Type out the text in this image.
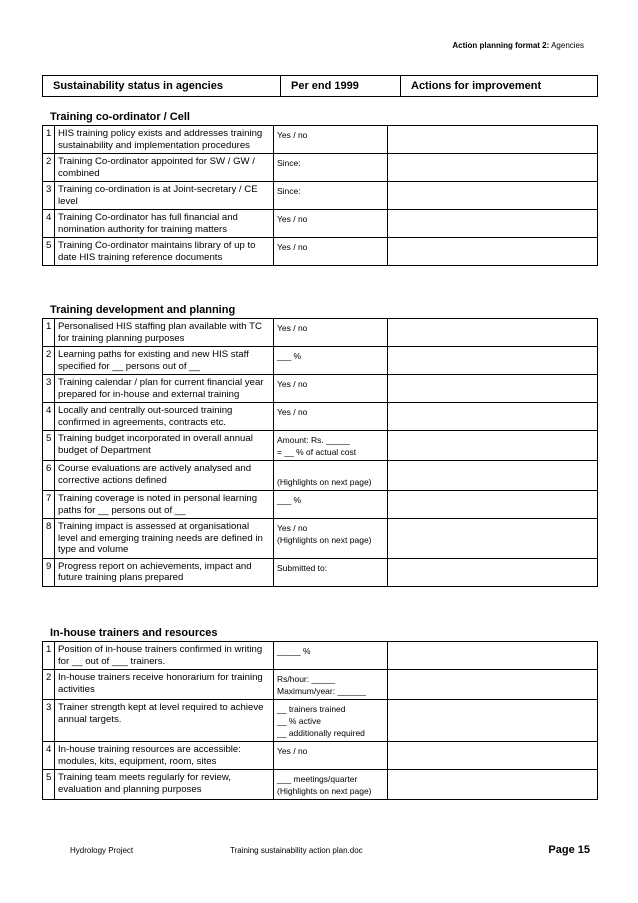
Action planning format 2: Agencies
Sustainability status in agencies	Per end 1999	Actions for improvement
Training co-ordinator / Cell
1	HIS training policy exists and addresses training sustainability and implementation procedures	Yes / no	

2	Training Co-ordinator appointed for SW / GW / combined	Since:	

3	Training co-ordination is at Joint-secretary / CE level	Since:	

4	Training Co-ordinator has full financial and nomination authority for training matters	Yes / no	

5	Training Co-ordinator maintains library of up to date HIS training reference documents	Yes / no	

Training development and planning
1	Personalised HIS staffing plan available with TC for training planning purposes	Yes / no	

2	Learning paths for existing and new HIS staff specified for __ persons out of __	___ %	

3	Training calendar / plan for current financial year prepared for in-house and external training	Yes / no	

4	Locally and centrally out-sourced training confirmed in agreements, contracts etc.	Yes / no	

5	Training budget incorporated in overall annual budget of Department	Amount: Rs. _____
= __ % of actual cost	

6	Course evaluations are actively analysed and corrective actions defined	(Highlights on next page)	

7	Training coverage is noted in personal learning paths for __ persons out of __	___ %	

8	Training impact is assessed at organisational level and emerging training needs are defined in type and volume	Yes / no
(Highlights on next page)	

9	Progress report on achievements, impact and future training plans prepared	Submitted to:	

In-house trainers and resources
1	Position of in-house trainers confirmed in writing for __ out of ___ trainers.	_____ %	

2	In-house trainers receive honorarium for training activities	Rs/hour: _____
Maximum/year: ______	

3	Trainer strength kept at level required to achieve annual targets.	__ trainers trained
__ % active
__ additionally required	

4	In-house training resources are accessible: modules, kits, equipment, room, sites	Yes / no	

5	Training team meets regularly for review, evaluation and planning purposes	___ meetings/quarter
(Highlights on next page)	

Hydrology Project	Training sustainability action plan.doc	Page 15
